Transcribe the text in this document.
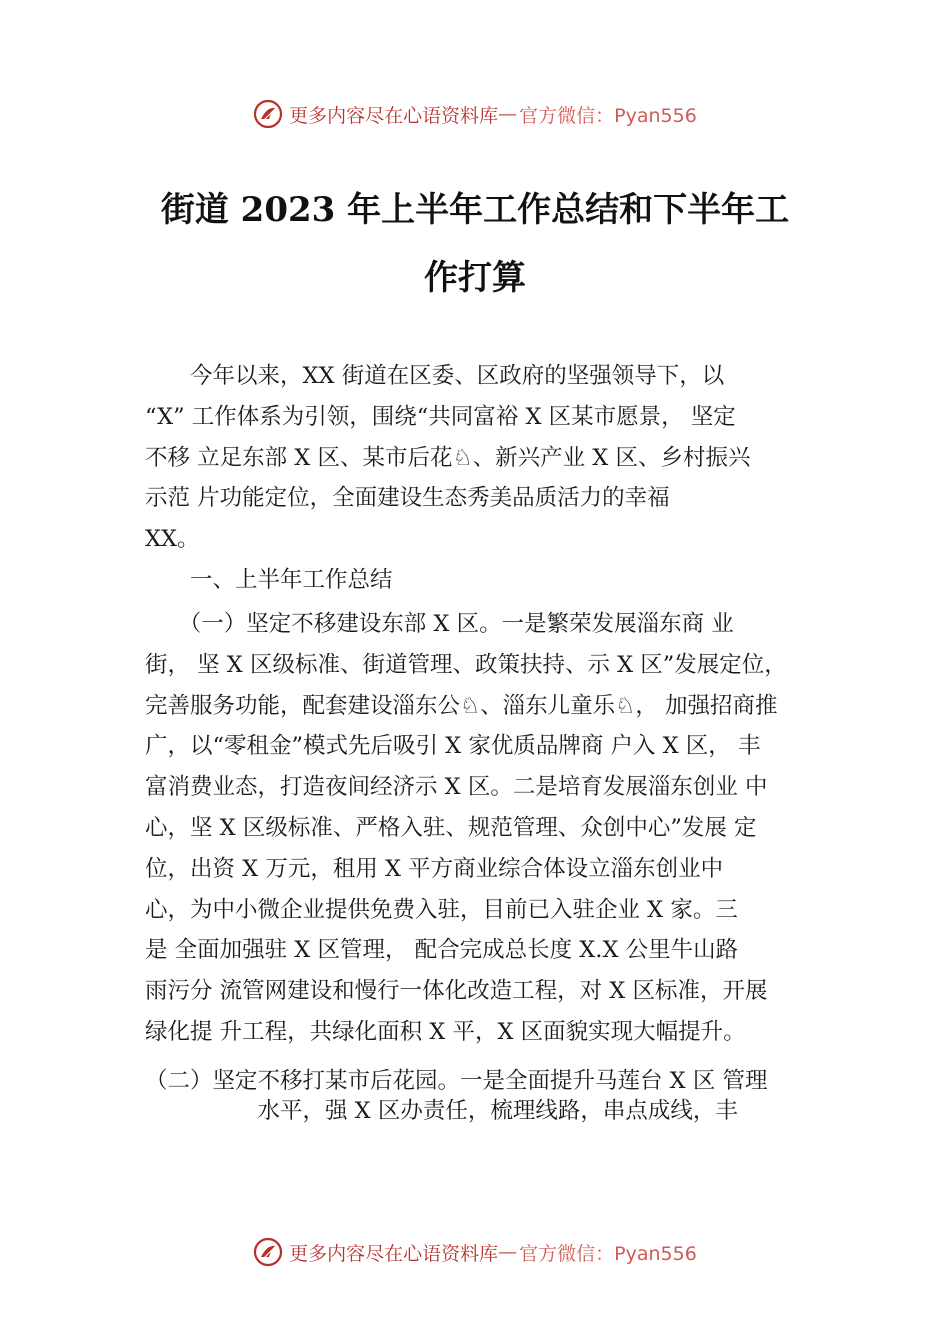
更多内容尽在心语资料库 — 官方微信：Pyan556
街道 2023 年上半年工作总结和下半年工
作打算
　　今年以来，XX 街道在区委、区政府的坚强领导下，以
“X” 工作体系为引领，围绕“共同富裕 X 区某市愿景， 坚定
不移 立足东部 X 区、某市后花♘、新兴产业 X 区、乡村振兴
示范 片功能定位，全面建设生态秀美品质活力的幸福
XX。
　　一、上半年工作总结
　　（一）坚定不移建设东部 X 区。一是繁荣发展淄东商 业
街， 坚 X 区级标准、街道管理、政策扶持、示 X 区”发展定位，
完善服务功能，配套建设淄东公♘、淄东儿童乐♘， 加强招商推
广，以“零租金”模式先后吸引 X 家优质品牌商 户入 X 区， 丰
富消费业态，打造夜间经济示 X 区。二是培育发展淄东创业 中
心，坚 X 区级标准、严格入驻、规范管理、众创中心”发展 定
位，出资 X 万元，租用 X 平方商业综合体设立淄东创业中
心，为中小微企业提供免费入驻，目前已入驻企业 X 家。三
是 全面加强驻 X 区管理， 配合完成总长度 X.X 公里牛山路
雨污分 流管网建设和慢行一体化改造工程，对 X 区标准，开展
绿化提 升工程，共绿化面积 X 平，X 区面貌实现大幅提升。
（二）坚定不移打某市后花园。一是全面提升马莲台 X 区 管理
　　　　　水平，强 X 区办责任，梳理线路，串点成线，丰
更多内容尽在心语资料库 — 官方微信：Pyan556
